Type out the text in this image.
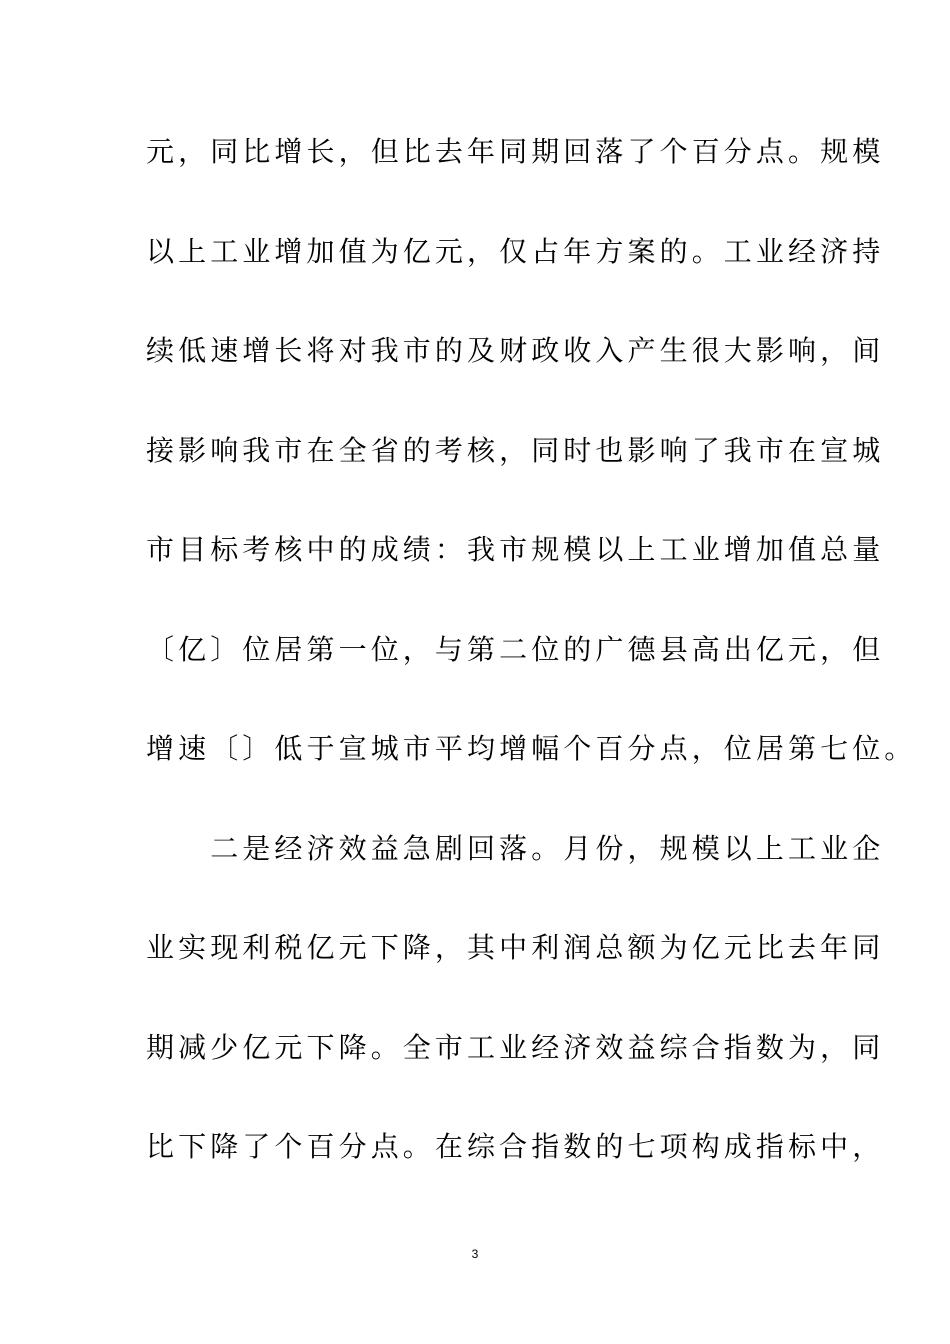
元，同比增长，但比去年同期回落了个百分点。规模
以上工业增加值为亿元，仅占年方案的。工业经济持
续低速增长将对我市的及财政收入产生很大影响，间
接影响我市在全省的考核，同时也影响了我市在宣城
市目标考核中的成绩：我市规模以上工业增加值总量
〔亿〕位居第一位，与第二位的广德县高出亿元，但
增速〔〕低于宣城市平均增幅个百分点，位居第七位。
　　二是经济效益急剧回落。月份，规模以上工业企
业实现利税亿元下降，其中利润总额为亿元比去年同
期减少亿元下降。全市工业经济效益综合指数为，同
比下降了个百分点。在综合指数的七项构成指标中，
3
